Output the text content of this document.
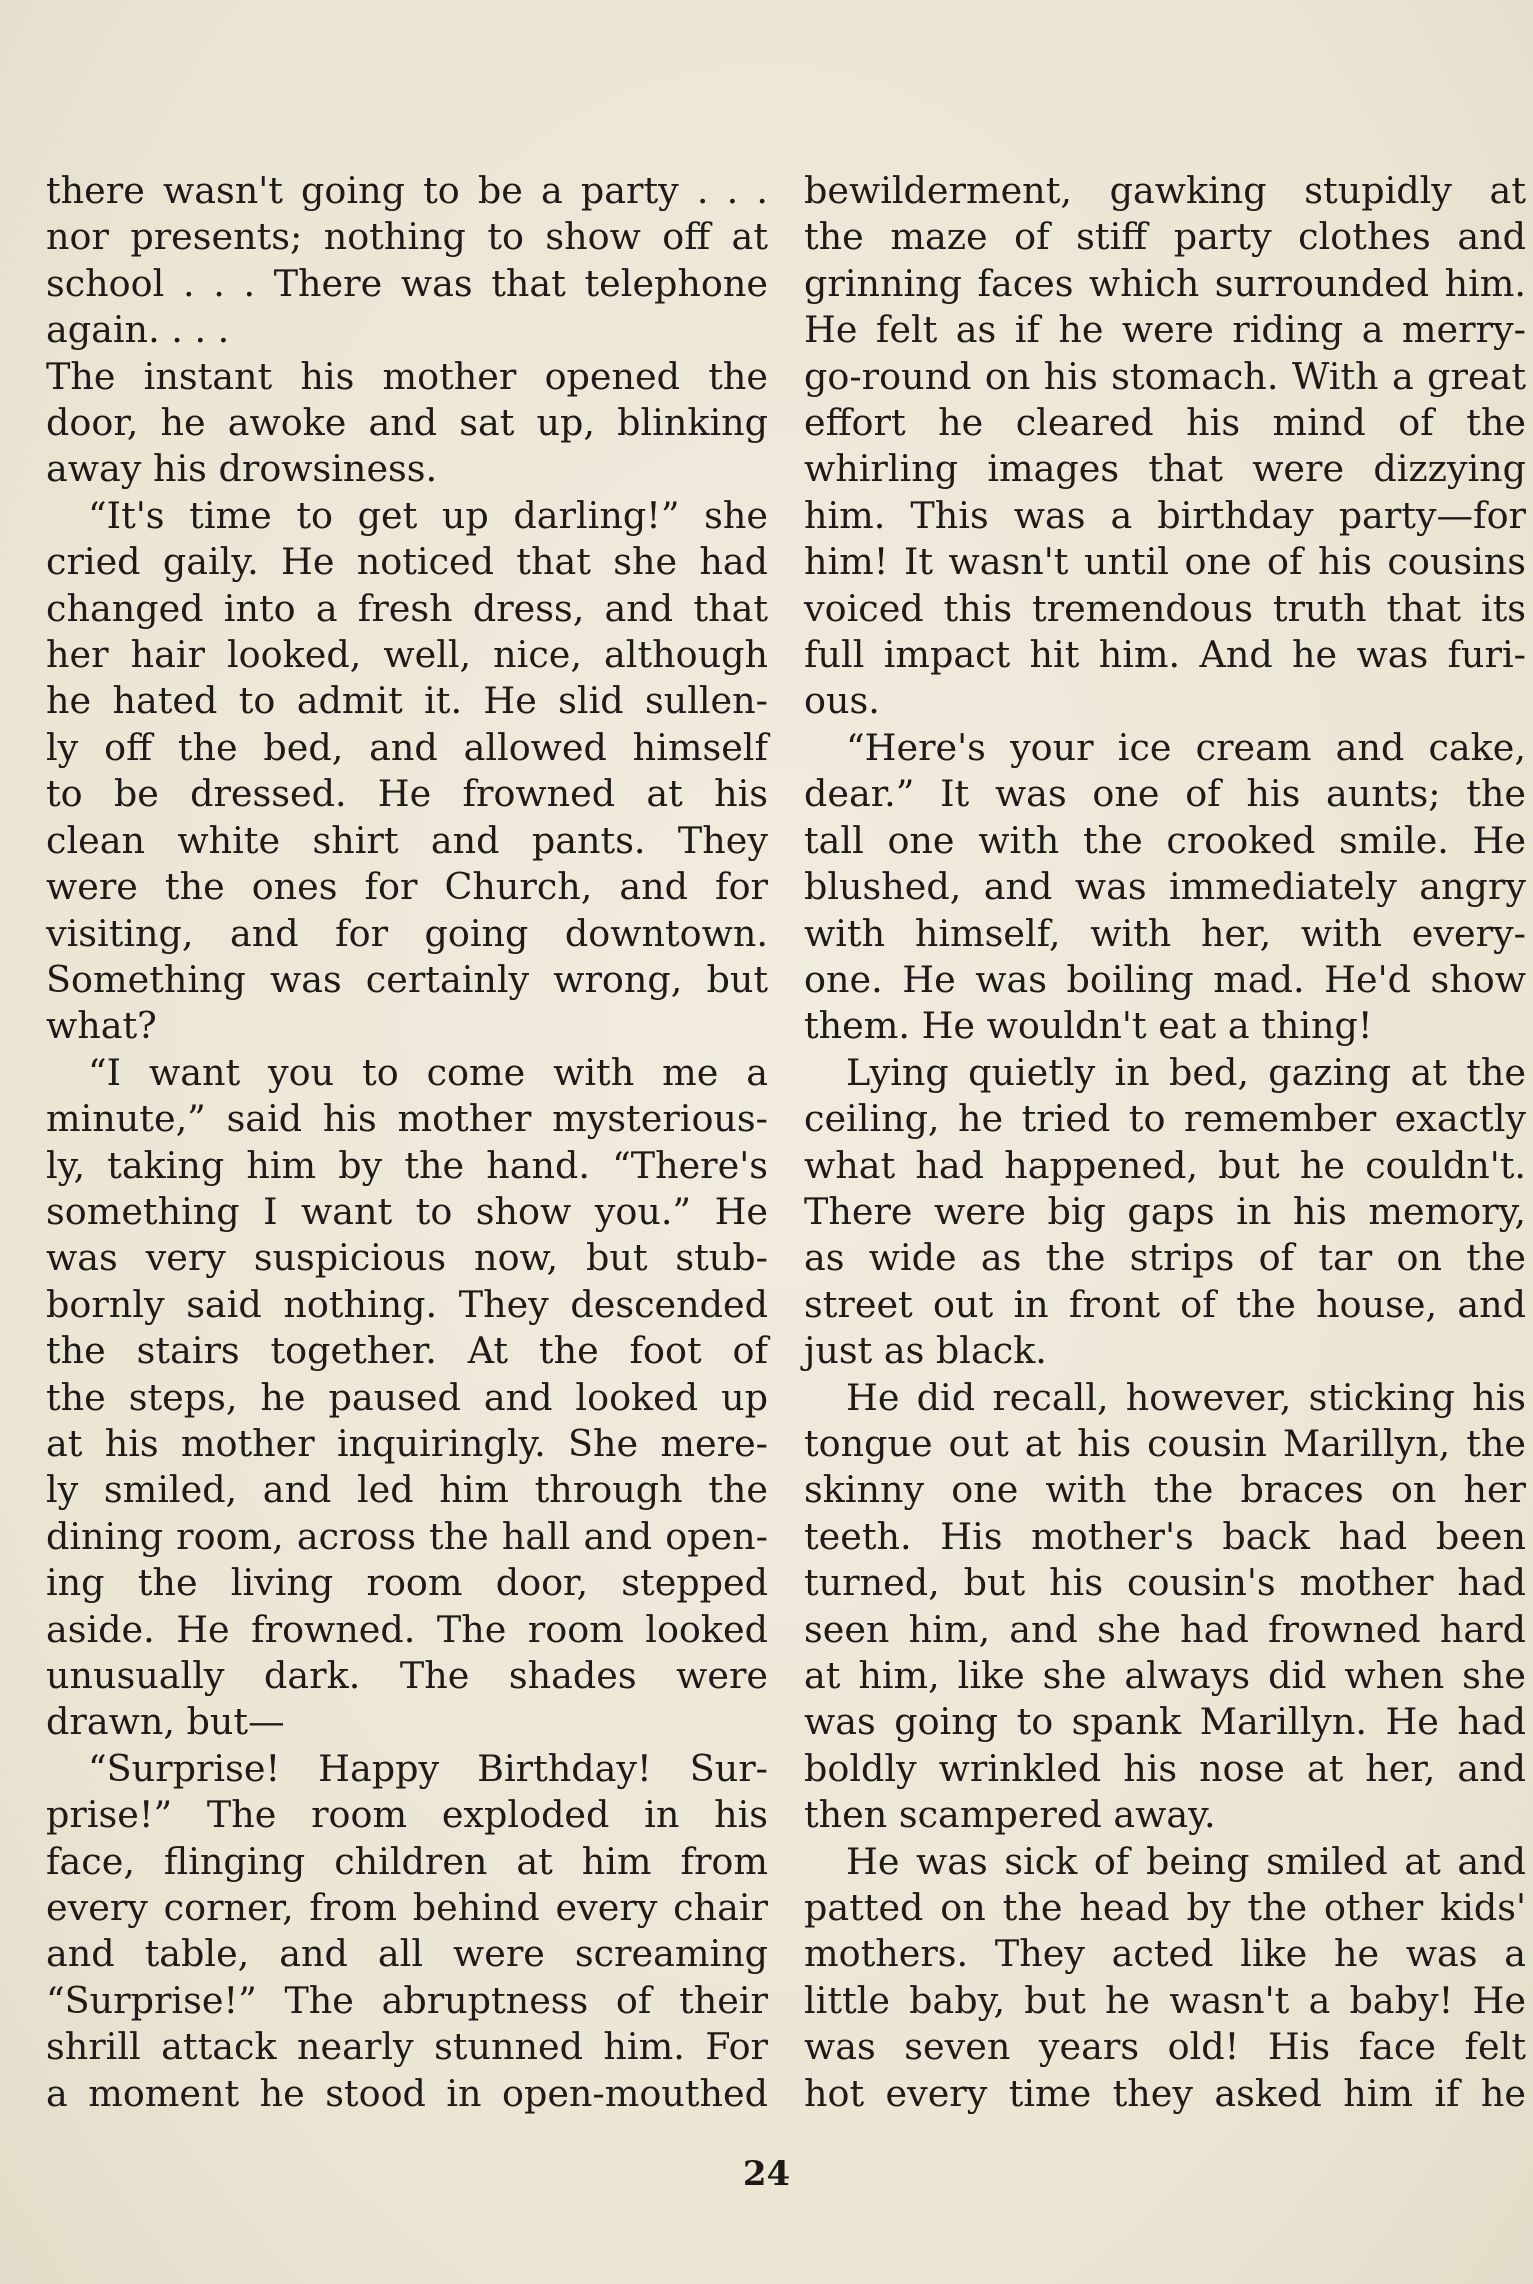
there wasn't going to be a party . . .
nor presents; nothing to show off at
school . . . There was that telephone
again. . . .
The instant his mother opened the
door, he awoke and sat up, blinking
away his drowsiness.
“It's time to get up darling!” she
cried gaily. He noticed that she had
changed into a fresh dress, and that
her hair looked, well, nice, although
he hated to admit it. He slid sullen-
ly off the bed, and allowed himself
to be dressed. He frowned at his
clean white shirt and pants. They
were the ones for Church, and for
visiting, and for going downtown.
Something was certainly wrong, but
what?
“I want you to come with me a
minute,” said his mother mysterious-
ly, taking him by the hand. “There's
something I want to show you.” He
was very suspicious now, but stub-
bornly said nothing. They descended
the stairs together. At the foot of
the steps, he paused and looked up
at his mother inquiringly. She mere-
ly smiled, and led him through the
dining room, across the hall and open-
ing the living room door, stepped
aside. He frowned. The room looked
unusually dark. The shades were
drawn, but—
“Surprise! Happy Birthday! Sur-
prise!” The room exploded in his
face, flinging children at him from
every corner, from behind every chair
and table, and all were screaming
“Surprise!” The abruptness of their
shrill attack nearly stunned him. For
a moment he stood in open-mouthed
bewilderment, gawking stupidly at
the maze of stiff party clothes and
grinning faces which surrounded him.
He felt as if he were riding a merry-
go-round on his stomach. With a great
effort he cleared his mind of the
whirling images that were dizzying
him. This was a birthday party—for
him! It wasn't until one of his cousins
voiced this tremendous truth that its
full impact hit him. And he was furi-
ous.
“Here's your ice cream and cake,
dear.” It was one of his aunts; the
tall one with the crooked smile. He
blushed, and was immediately angry
with himself, with her, with every-
one. He was boiling mad. He'd show
them. He wouldn't eat a thing!
Lying quietly in bed, gazing at the
ceiling, he tried to remember exactly
what had happened, but he couldn't.
There were big gaps in his memory,
as wide as the strips of tar on the
street out in front of the house, and
just as black.
He did recall, however, sticking his
tongue out at his cousin Marillyn, the
skinny one with the braces on her
teeth. His mother's back had been
turned, but his cousin's mother had
seen him, and she had frowned hard
at him, like she always did when she
was going to spank Marillyn. He had
boldly wrinkled his nose at her, and
then scampered away.
He was sick of being smiled at and
patted on the head by the other kids'
mothers. They acted like he was a
little baby, but he wasn't a baby! He
was seven years old! His face felt
hot every time they asked him if he
24
